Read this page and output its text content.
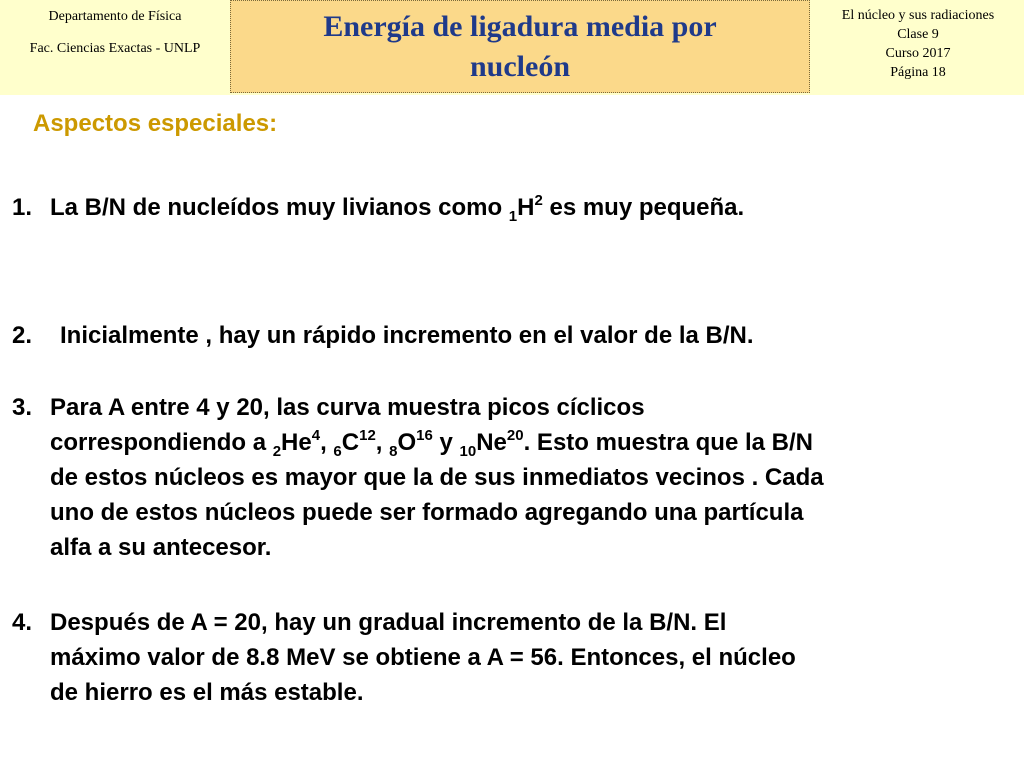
Departamento de Física
Fac. Ciencias Exactas - UNLP
Energía de ligadura media por nucleón
El núcleo y sus radiaciones
Clase 9
Curso 2017
Página 18
Aspectos especiales:
1. La B/N de nucleídos muy livianos como $_1H^2$ es muy pequeña.
2. Inicialmente , hay un rápido incremento en el valor de la B/N.
3. Para A entre 4 y 20, las curva muestra picos cíclicos
correspondiendo a $_2He^4$, $_6C^{12}$, $_8O^{16}$ y $_{10}Ne^{20}$. Esto muestra que la B/N
de estos núcleos es mayor que la de sus inmediatos vecinos . Cada
uno de estos núcleos puede ser formado agregando una partícula
alfa a su antecesor.
4. Después de A = 20, hay un gradual incremento de la B/N. El
máximo valor de 8.8 MeV se obtiene a A = 56. Entonces, el núcleo
de hierro es el más estable.
